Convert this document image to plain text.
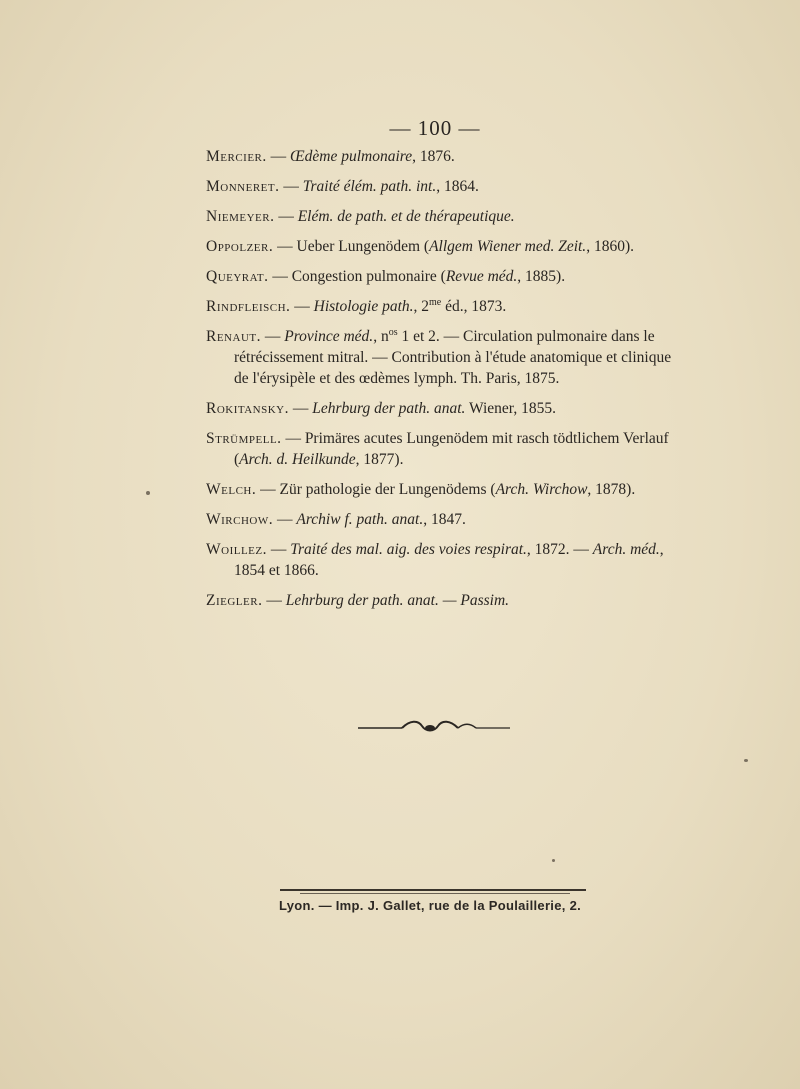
— 100 —
Mercier. — Œdème pulmonaire, 1876.
Monneret. — Traité élém. path. int., 1864.
Niemeyer. — Elém. de path. et de thérapeutique.
Oppolzer. — Ueber Lungenödem (Allgem Wiener med. Zeit., 1860).
Queyrat. — Congestion pulmonaire (Revue méd., 1885).
Rindfleisch. — Histologie path., $2^{me}$ éd., 1873.
Renaut. — Province méd., $n^{os}$ 1 et 2. — Circulation pulmonaire dans le rétrécissement mitral. — Contribution à l'étude anatomique et clinique de l'érysipèle et des œdèmes lymph. Th. Paris, 1875.
Rokitansky. — Lehrburg der path. anat. Wiener, 1855.
Strümpell. — Primäres acutes Lungenödem mit rasch tödtlichem Verlauf (Arch. d. Heilkunde, 1877).
Welch. — Zür pathologie der Lungenödems (Arch. Wirchow, 1878).
Wirchow. — Archiw f. path. anat., 1847.
Woillez. — Traité des mal. aig. des voies respirat., 1872. — Arch. méd., 1854 et 1866.
Ziegler. — Lehrburg der path. anat. — Passim.
Lyon. — Imp. J. Gallet, rue de la Poulaillerie, 2.
